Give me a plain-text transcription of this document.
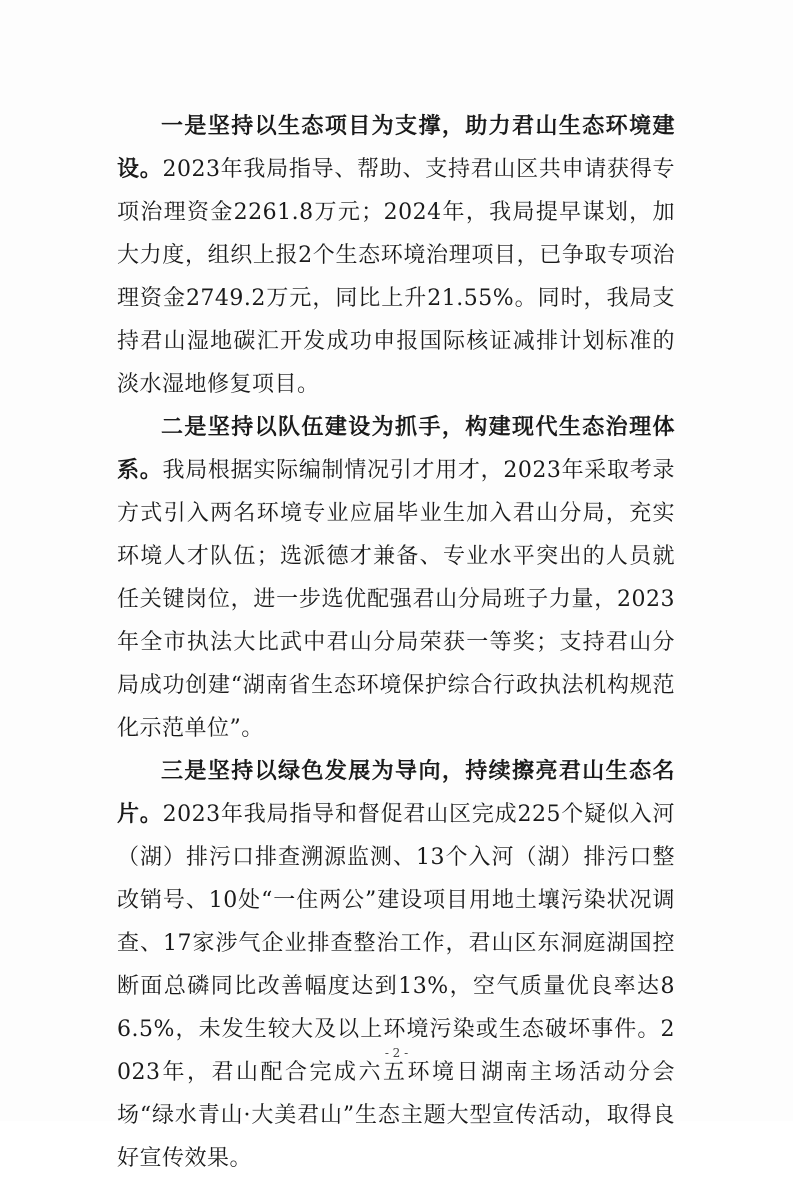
一是坚持以生态项目为支撑，助力君山生态环境建设。2023年我局指导、帮助、支持君山区共申请获得专项治理资金2261.8万元；2024年，我局提早谋划，加大力度，组织上报2个生态环境治理项目，已争取专项治理资金2749.2万元，同比上升21.55%。同时，我局支持君山湿地碳汇开发成功申报国际核证减排计划标准的淡水湿地修复项目。

二是坚持以队伍建设为抓手，构建现代生态治理体系。我局根据实际编制情况引才用才，2023年采取考录方式引入两名环境专业应届毕业生加入君山分局，充实环境人才队伍；选派德才兼备、专业水平突出的人员就任关键岗位，进一步选优配强君山分局班子力量，2023年全市执法大比武中君山分局荣获一等奖；支持君山分局成功创建“湖南省生态环境保护综合行政执法机构规范化示范单位”。

三是坚持以绿色发展为导向，持续擦亮君山生态名片。2023年我局指导和督促君山区完成225个疑似入河（湖）排污口排查溯源监测、13个入河（湖）排污口整改销号、10处“一住两公”建设项目用地土壤污染状况调查、17家涉气企业排查整治工作，君山区东洞庭湖国控断面总磷同比改善幅度达到13%，空气质量优良率达86.5%，未发生较大及以上环境污染或生态破坏事件。2023年，君山配合完成六五环境日湖南主场活动分会场“绿水青山·大美君山”生态主题大型宣传活动，取得良好宣传效果。

- 2 -
